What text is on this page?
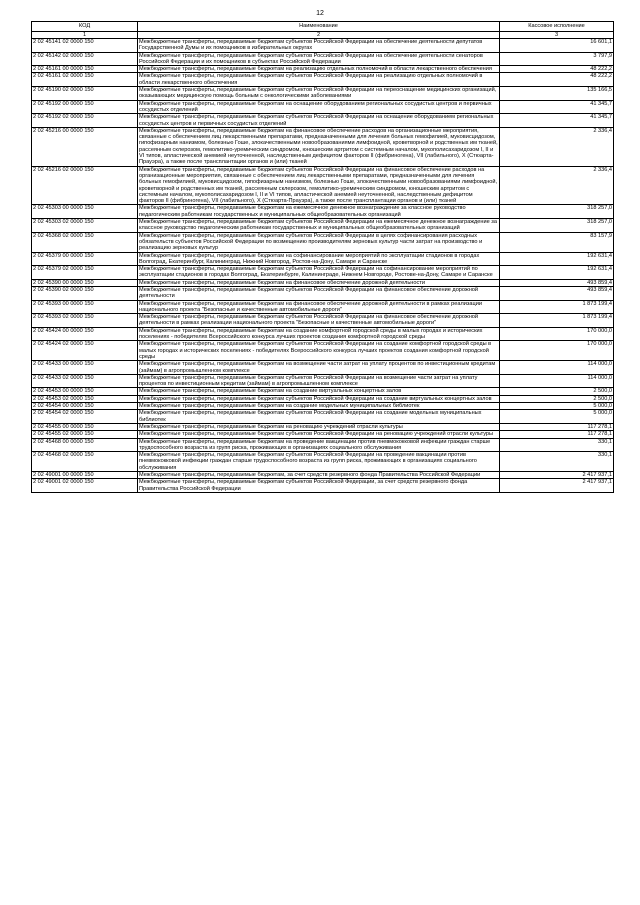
12
КОД	Наименование	Кассовое исполнение
1	2	3
2 02 45141 02 0000 150	Межбюджетные трансферты, передаваемые бюджетам субъектов Российской Федерации на обеспечение деятельности депутатов Государственной Думы и их помощников в избирательных округах	16 601,1
2 02 45142 02 0000 150	Межбюджетные трансферты, передаваемые бюджетам субъектов Российской Федерации на обеспечение деятельности сенаторов Российской Федерации и их помощников в субъектах Российской Федерации	3 797,9
2 02 45161 00 0000 150	Межбюджетные трансферты, передаваемые бюджетам на реализацию отдельных полномочий в области лекарственного обеспечения	48 222,2
2 02 45161 02 0000 150	Межбюджетные трансферты, передаваемые бюджетам субъектов Российской Федерации на реализацию отдельных полномочий в области лекарственного обеспечения	48 222,2
2 02 45190 02 0000 150	Межбюджетные трансферты, передаваемые бюджетам субъектов Российской Федерации на переоснащение медицинских организаций, оказывающих медицинскую помощь больным с онкологическими заболеваниями	135 166,5
2 02 45192 00 0000 150	Межбюджетные трансферты, передаваемые бюджетам на оснащение оборудованием региональных сосудистых центров и первичных сосудистых отделений	41 345,7
2 02 45192 02 0000 150	Межбюджетные трансферты, передаваемые бюджетам субъектов Российской Федерации на оснащение оборудованием региональных сосудистых центров и первичных сосудистых отделений	41 345,7
2 02 45216 00 0000 150	Межбюджетные трансферты, передаваемые бюджетам на финансовое обеспечение расходов на организационные мероприятия, связанные с обеспечением лиц лекарственными препаратами, предназначенными для лечения больных гемофилией, муковисцидозом, гипофизарным нанизмом, болезнью Гоше, злокачественными новообразованиями лимфоидной, кроветворной и родственных им тканей, рассеянным склерозом, гемолитико-уремическим синдромом, юношеским артритом с системным началом, мукополисахаридозом I, II и VI типов, апластической анемией неуточненной, наследственным дефицитом факторов II (фибриногена), VII (лабильного), X (Стюарта-Прауэра), а также после трансплантации органов и (или) тканей	2 336,4
2 02 45216 02 0000 150	Межбюджетные трансферты, передаваемые бюджетам субъектов Российской Федерации на финансовое обеспечение расходов на организационные мероприятия, связанные с обеспечением лиц лекарственными препаратами, предназначенными для лечения больных гемофилией, муковисцидозом, гипофизарным нанизмом, болезнью Гоше, злокачественными новообразованиями лимфоидной, кроветворной и родственных им тканей, рассеянным склерозом, гемолитико-уремическим синдромом, юношеским артритом с системным началом, мукополисахаридозом I, II и VI типов, апластической анемией неуточненной, наследственным дефицитом факторов II (фибриногена), VII (лабильного), X (Стюарта-Прауэра), а также после трансплантации органов и (или) тканей	2 336,4
2 02 45303 00 0000 150	Межбюджетные трансферты, передаваемые бюджетам на ежемесячное денежное вознаграждение за классное руководство педагогическим работникам государственных и муниципальных общеобразовательных организаций	318 257,0
2 02 45303 02 0000 150	Межбюджетные трансферты, передаваемые бюджетам субъектов Российской Федерации на ежемесячное денежное вознаграждение за классное руководство педагогическим работникам государственных и муниципальных общеобразовательных организаций	318 257,0
2 02 45368 02 0000 150	Межбюджетные трансферты, передаваемые бюджетам субъектов Российской Федерации в целях софинансирования расходных обязательств субъектов Российской Федерации по возмещению производителям зерновых культур части затрат на производство и реализацию зерновых культур	83 157,9
2 02 45379 00 0000 150	Межбюджетные трансферты, передаваемые бюджетам на софинансирование мероприятий по эксплуатации стадионов в городах Волгоград, Екатеринбург, Калининград, Нижний Новгород, Ростов-на-Дону, Самаре и Саранске	192 631,4
2 02 45379 02 0000 150	Межбюджетные трансферты, передаваемые бюджетам субъектов Российской Федерации на софинансирование мероприятий по эксплуатации стадионов в городах Волгоград, Екатеринбурге, Калининграде, Нижнем Новгороде, Ростове-на-Дону, Самаре и Саранске	192 631,4
2 02 45390 00 0000 150	Межбюджетные трансферты, передаваемые бюджетам на финансовое обеспечение дорожной деятельности	493 859,4
2 02 45390 02 0000 150	Межбюджетные трансферты, передаваемые бюджетам субъектов Российской Федерации на финансовое обеспечение дорожной деятельности	493 859,4
2 02 45393 00 0000 150	Межбюджетные трансферты, передаваемые бюджетам на финансовое обеспечение дорожной деятельности в рамках реализации национального проекта "Безопасные и качественные автомобильные дороги"	1 873 199,4
2 02 45393 02 0000 150	Межбюджетные трансферты, передаваемые бюджетам субъектов Российской Федерации на финансовое обеспечение дорожной деятельности в рамках реализации национального проекта "Безопасные и качественные автомобильные дороги"	1 873 199,4
2 02 45424 00 0000 150	Межбюджетные трансферты, передаваемые бюджетам на создание комфортной городской среды в малых городах и исторических поселениях - победителях Всероссийского конкурса лучших проектов создания комфортной городской среды	170 000,0
2 02 45424 02 0000 150	Межбюджетные трансферты, передаваемые бюджетам субъектов Российской Федерации на создание комфортной городской среды в малых городах и исторических поселениях - победителях Всероссийского конкурса лучших проектов создания комфортной городской среды	170 000,0
2 02 45433 00 0000 150	Межбюджетные трансферты, передаваемые бюджетам на возмещение части затрат на уплату процентов по инвестиционным кредитам (займам) в агропромышленном комплексе	114 000,0
2 02 45433 02 0000 150	Межбюджетные трансферты, передаваемые бюджетам субъектов Российской Федерации на возмещение части затрат на уплату процентов по инвестиционным кредитам (займам) в агропромышленном комплексе	114 000,0
2 02 45453 00 0000 150	Межбюджетные трансферты, передаваемые бюджетам на создание виртуальных концертных залов	2 500,0
2 02 45453 02 0000 150	Межбюджетные трансферты, передаваемые бюджетам субъектов Российской Федерации на создание виртуальных концертных залов	2 500,0
2 02 45454 00 0000 150	Межбюджетные трансферты, передаваемые бюджетам на создание модельных муниципальных библиотек	5 000,0
2 02 45454 02 0000 150	Межбюджетные трансферты, передаваемые бюджетам субъектов Российской Федерации на создание модельных муниципальных библиотек	5 000,0
2 02 45455 00 0000 150	Межбюджетные трансферты, передаваемые бюджетам на реновацию учреждений отрасли культуры	117 278,1
2 02 45455 02 0000 150	Межбюджетные трансферты, передаваемые бюджетам субъектов Российской Федерации на реновацию учреждений отрасли культуры	117 278,1
2 02 45468 00 0000 150	Межбюджетные трансферты, передаваемые бюджетам на проведение вакцинации против пневмококковой инфекции граждан старше трудоспособного возраста из групп риска, проживающих в организациях социального обслуживания	330,1
2 02 45468 02 0000 150	Межбюджетные трансферты, передаваемые бюджетам субъектов Российской Федерации на проведение вакцинации против пневмококковой инфекции граждан старше трудоспособного возраста из групп риска, проживающих в организациях социального обслуживания	330,1
2 02 49001 00 0000 150	Межбюджетные трансферты, передаваемые бюджетам, за счет средств резервного фонда Правительства Российской Федерации	2 417 937,1
2 02 49001 02 0000 150	Межбюджетные трансферты, передаваемые бюджетам субъектов Российской Федерации, за счет средств резервного фонда Правительства Российской Федерации	2 417 937,1
